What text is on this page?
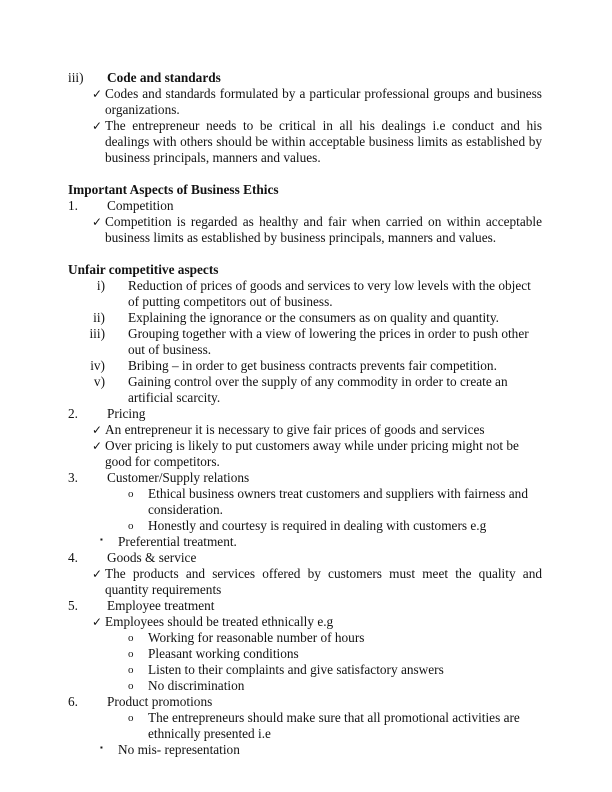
iii)	Code and standards
✓ Codes and standards formulated by a particular professional groups and business organizations.
✓ The entrepreneur needs to be critical in all his dealings i.e conduct and his dealings with others should be within acceptable business limits as established by business principals, manners and values.
Important Aspects of Business Ethics
1.	Competition
✓ Competition is regarded as healthy and fair when carried on within acceptable business limits as established by business principals, manners and values.
Unfair competitive aspects
i) Reduction of prices of goods and services to very low levels with the object of putting competitors out of business.
ii) Explaining the ignorance or the consumers as on quality and quantity.
iii) Grouping together with a view of lowering the prices in order to push other out of business.
iv) Bribing – in order to get business contracts prevents fair competition.
v) Gaining control over the supply of any commodity in order to create an artificial scarcity.
2.	Pricing
✓ An entrepreneur it is necessary to give fair prices of goods and services
✓ Over pricing is likely to put customers away while under pricing might not be good for competitors.
3.	Customer/Supply relations
o	Ethical business owners treat customers and suppliers with fairness and consideration.
o	Honestly and courtesy is required in dealing with customers e.g
▪	Preferential treatment.
4.	Goods & service
✓ The products and services offered by customers must meet the quality and quantity requirements
5.	Employee treatment
✓ Employees should be treated ethnically e.g
o	Working for reasonable number of hours
o	Pleasant working conditions
o	Listen to their complaints and give satisfactory answers
o	No discrimination
6.	Product promotions
o	The entrepreneurs should make sure that all promotional activities are ethnically presented i.e
▪	No mis- representation
